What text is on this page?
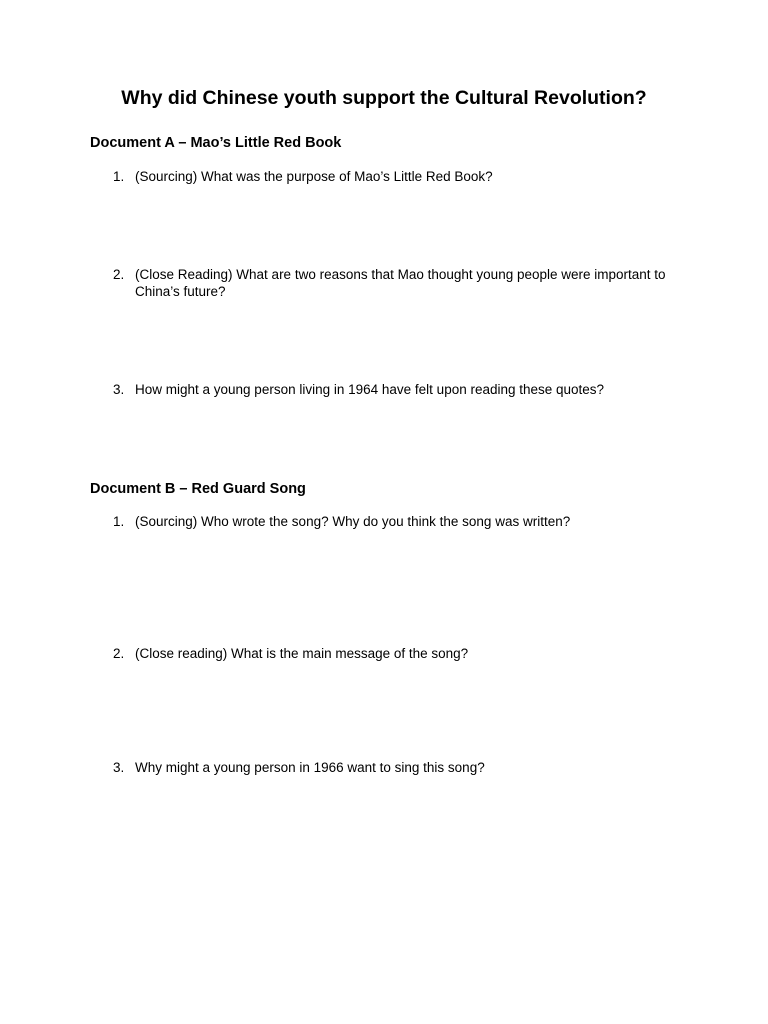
Why did Chinese youth support the Cultural Revolution?
Document A – Mao’s Little Red Book
1. (Sourcing) What was the purpose of Mao’s Little Red Book?
2. (Close Reading) What are two reasons that Mao thought young people were important to China’s future?
3. How might a young person living in 1964 have felt upon reading these quotes?
Document B – Red Guard Song
1. (Sourcing) Who wrote the song? Why do you think the song was written?
2. (Close reading) What is the main message of the song?
3. Why might a young person in 1966 want to sing this song?
